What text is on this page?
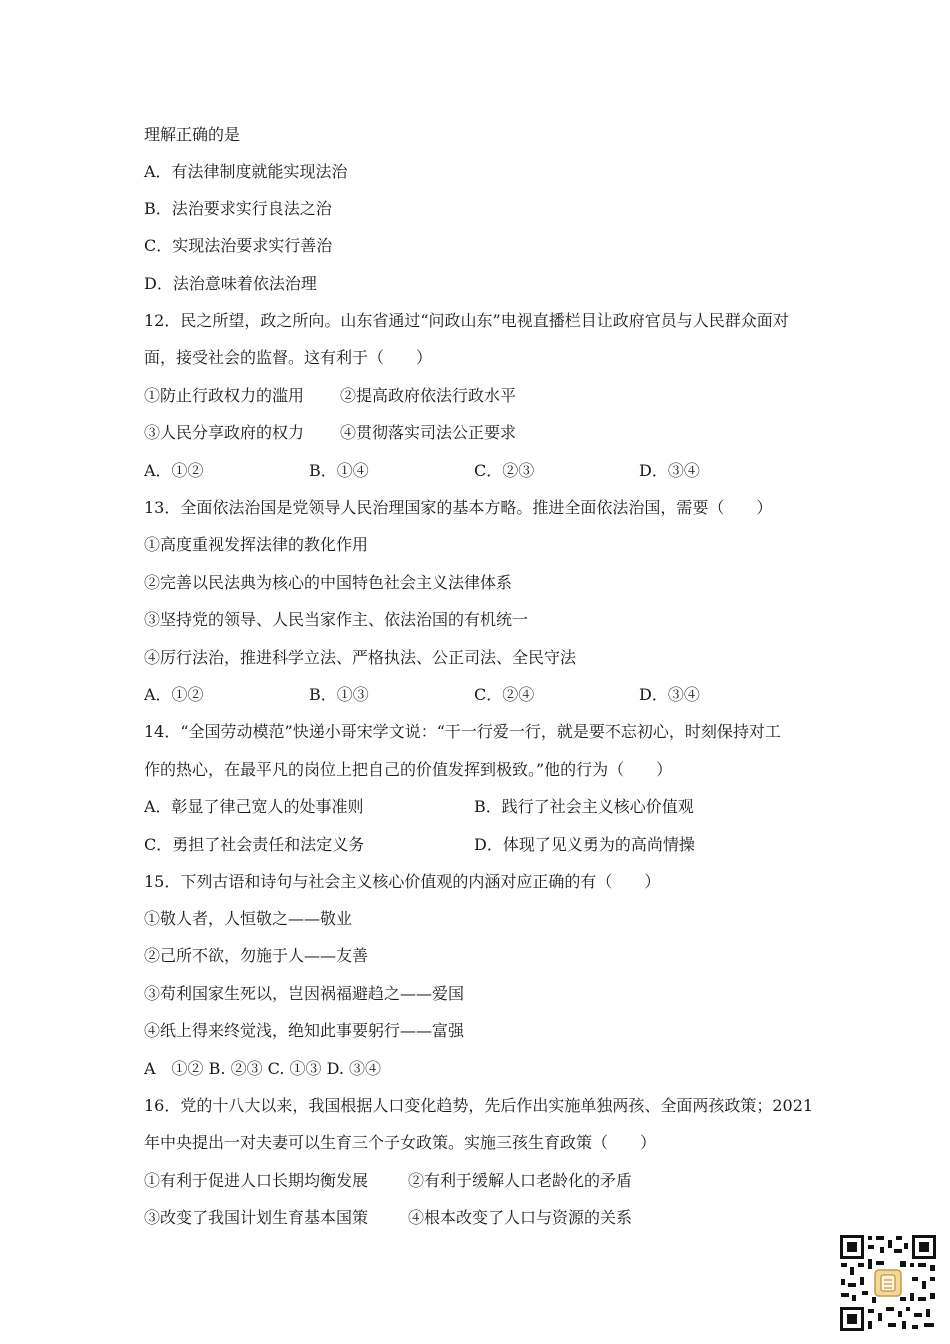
理解正确的是
A．有法律制度就能实现法治
B．法治要求实行良法之治
C．实现法治要求实行善治
D．法治意味着依法治理
12．民之所望，政之所向。山东省通过“问政山东”电视直播栏目让政府官员与人民群众面对
面，接受社会的监督。这有利于（　　）
①防止行政权力的滥用 ②提高政府依法行政水平
③人民分享政府的权力 ④贯彻落实司法公正要求
A．①②	B．①④	C．②③	D．③④
13．全面依法治国是党领导人民治理国家的基本方略。推进全面依法治国，需要（　　）
①高度重视发挥法律的教化作用
②完善以民法典为核心的中国特色社会主义法律体系
③坚持党的领导、人民当家作主、依法治国的有机统一
④厉行法治，推进科学立法、严格执法、公正司法、全民守法
A．①②	B．①③	C．②④	D．③④
14．“全国劳动模范”快递小哥宋学文说：“干一行爱一行，就是要不忘初心，时刻保持对工
作的热心，在最平凡的岗位上把自己的价值发挥到极致。”他的行为（　　）
A．彰显了律己宽人的处事准则	B．践行了社会主义核心价值观
C．勇担了社会责任和法定义务	D．体现了见义勇为的高尚情操
15．下列古语和诗句与社会主义核心价值观的内涵对应正确的有（　　）
①敬人者，人恒敬之——敬业
②己所不欲，勿施于人——友善
③苟利国家生死以，岂因祸福避趋之——爱国
④纸上得来终觉浅，绝知此事要躬行——富强
A　①② B. ②③ C. ①③ D. ③④
16．党的十八大以来，我国根据人口变化趋势，先后作出实施单独两孩、全面两孩政策；2021
年中央提出一对夫妻可以生育三个子女政策。实施三孩生育政策（　　）
①有利于促进人口长期均衡发展 ②有利于缓解人口老龄化的矛盾
③改变了我国计划生育基本国策 ④根本改变了人口与资源的关系
